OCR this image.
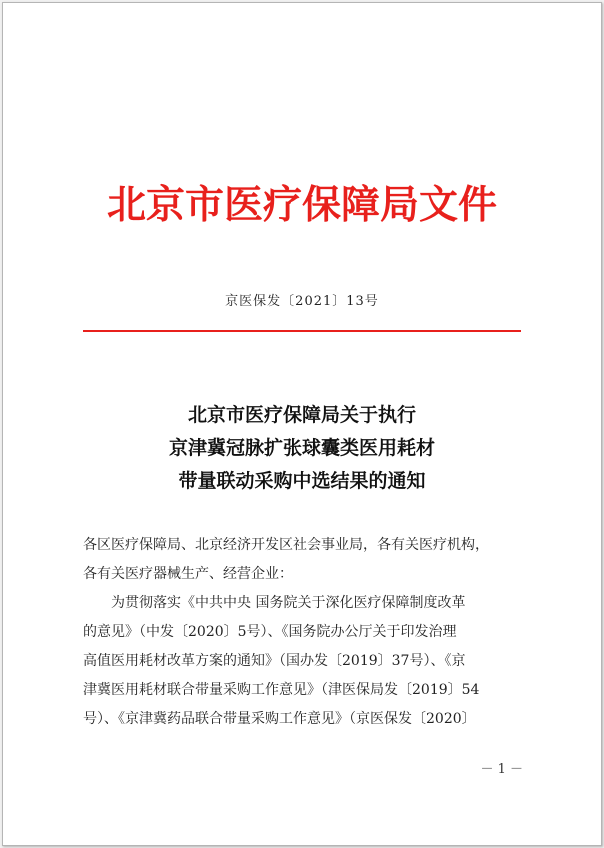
北京市医疗保障局文件
京医保发〔2021〕13号
北京市医疗保障局关于执行
京津冀冠脉扩张球囊类医用耗材
带量联动采购中选结果的通知
各区医疗保障局、北京经济开发区社会事业局，各有关医疗机构，
各有关医疗器械生产、经营企业：
为贯彻落实《中共中央 国务院关于深化医疗保障制度改革
的意见》（中发〔2020〕5号）、《国务院办公厅关于印发治理
高值医用耗材改革方案的通知》（国办发〔2019〕37号）、《京
津冀医用耗材联合带量采购工作意见》（津医保局发〔2019〕54
号）、《京津冀药品联合带量采购工作意见》（京医保发〔2020〕
－ 1 －
